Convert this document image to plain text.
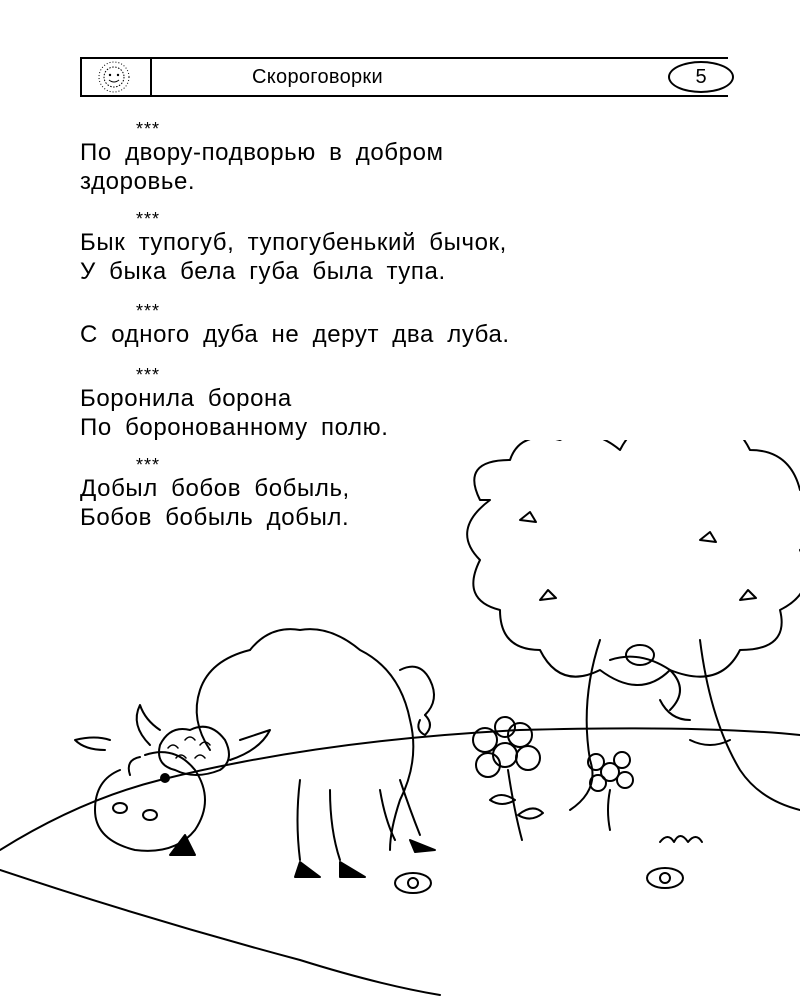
Скороговорки	5
***
По двору-подворью в добром
здоровье.
***
Бык тупогуб, тупогубенький бычок,
У быка бела губа была тупа.
***
С одного дуба не дерут два луба.
***
Боронила борона
По боронованному полю.
***
Добыл бобов бобыль,
Бобов бобыль добыл.
